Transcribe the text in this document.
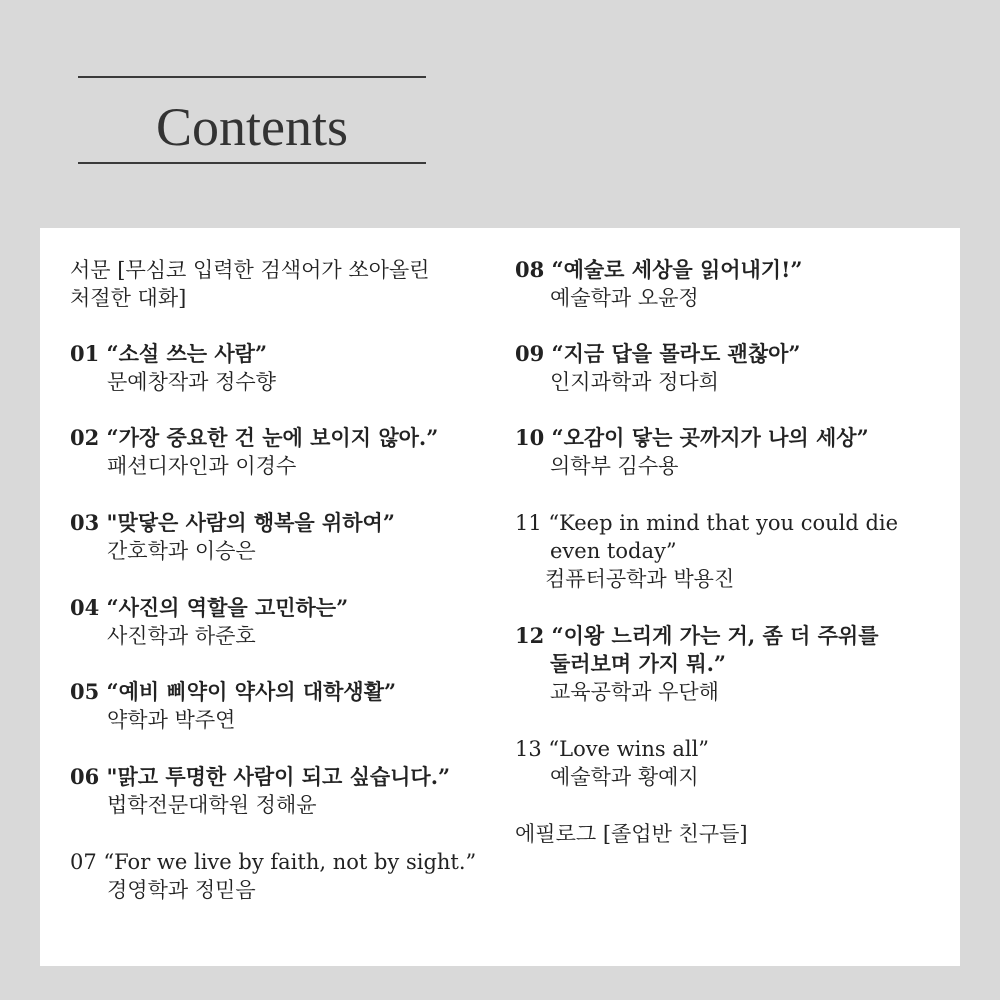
Contents
서문 [무심코 입력한 검색어가 쏘아올린
처절한 대화]
01 “소설 쓰는 사람”
문예창작과 정수향
02 “가장 중요한 건 눈에 보이지 않아.”
패션디자인과 이경수
03 "맞닿은 사람의 행복을 위하여”
간호학과 이승은
04 “사진의 역할을 고민하는”
사진학과 하준호
05 “예비 삐약이 약사의 대학생활”
약학과 박주연
06 "맑고 투명한 사람이 되고 싶습니다.”
법학전문대학원 정해윤
07 “For we live by faith, not by sight.”
경영학과 정믿음
08 “예술로 세상을 읽어내기!”
예술학과 오윤정
09 “지금 답을 몰라도 괜찮아”
인지과학과 정다희
10 “오감이 닿는 곳까지가 나의 세상”
의학부 김수용
11 “Keep in mind that you could die
even today”
컴퓨터공학과 박용진
12 “이왕 느리게 가는 거, 좀 더 주위를
둘러보며 가지 뭐.”
교육공학과 우단해
13 “Love wins all”
예술학과 황예지
에필로그 [졸업반 친구들]
